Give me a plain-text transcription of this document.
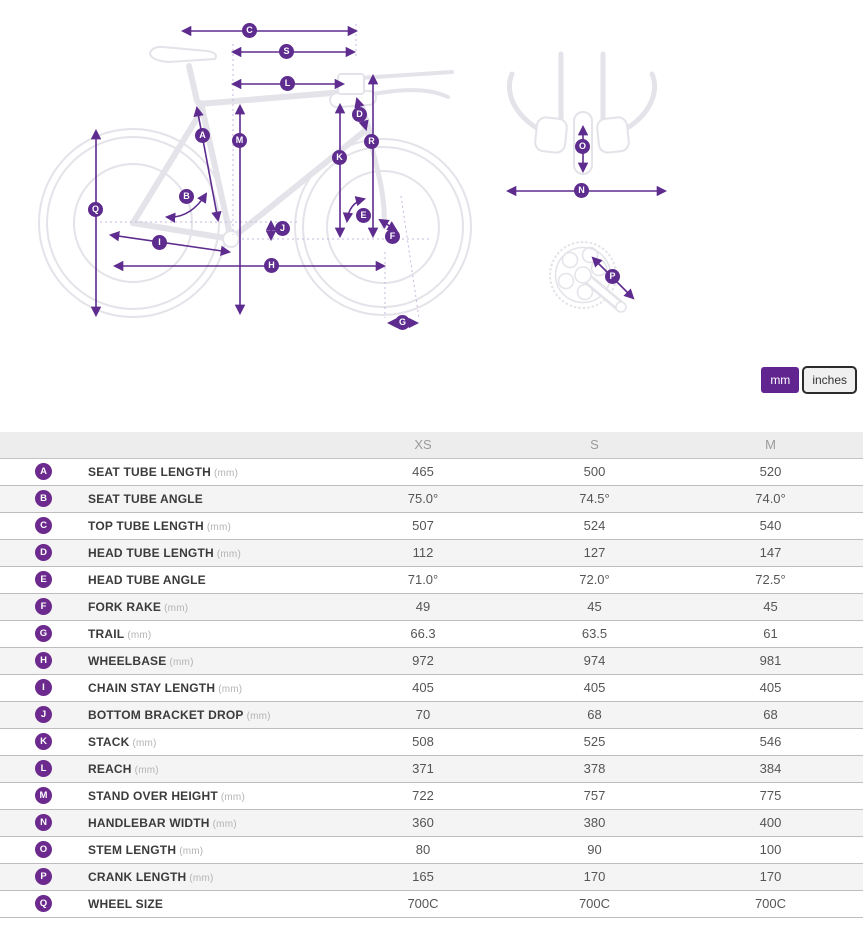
A
B
C
D
E
F
G
H
I
J
K
L
M
Q
R
S
N
O
P
mm	inches
		XS	S	M

A	SEAT TUBE LENGTH (mm)	465	500	520

B	SEAT TUBE ANGLE	75.0°	74.5°	74.0°

C	TOP TUBE LENGTH (mm)	507	524	540

D	HEAD TUBE LENGTH (mm)	112	127	147

E	HEAD TUBE ANGLE	71.0°	72.0°	72.5°

F	FORK RAKE (mm)	49	45	45

G	TRAIL (mm)	66.3	63.5	61

H	WHEELBASE (mm)	972	974	981

I	CHAIN STAY LENGTH (mm)	405	405	405

J	BOTTOM BRACKET DROP (mm)	70	68	68

K	STACK (mm)	508	525	546

L	REACH (mm)	371	378	384

M	STAND OVER HEIGHT (mm)	722	757	775

N	HANDLEBAR WIDTH (mm)	360	380	400

O	STEM LENGTH (mm)	80	90	100

P	CRANK LENGTH (mm)	165	170	170

Q	WHEEL SIZE	700C	700C	700C
